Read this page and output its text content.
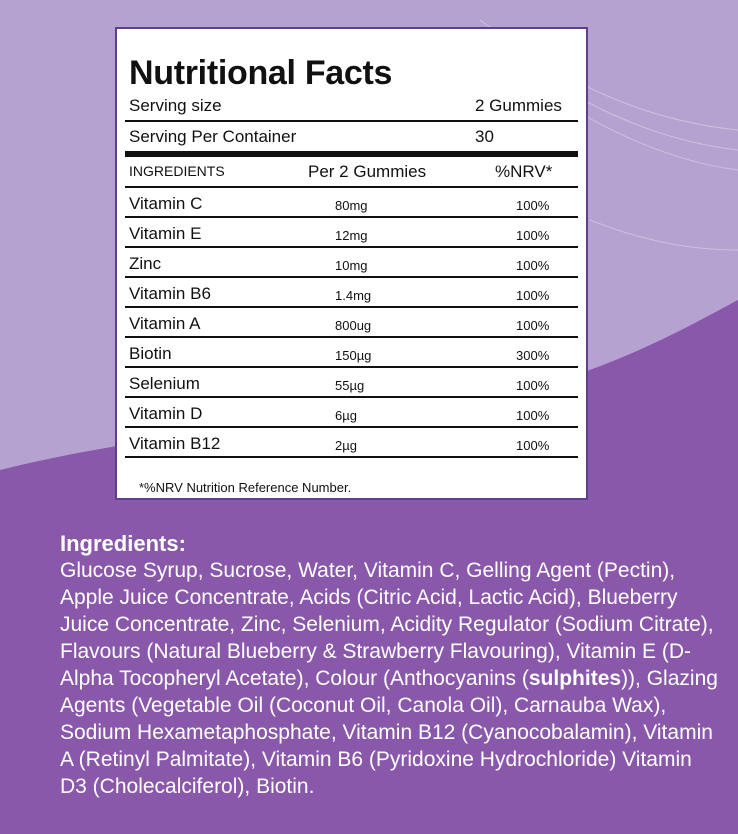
Nutritional Facts
Serving size	2 Gummies
Serving Per Container	30
INGREDIENTS	Per 2 Gummies	%NRV*
Vitamin C	80mg	100%
Vitamin E	12mg	100%
Zinc	10mg	100%
Vitamin B6	1.4mg	100%
Vitamin A	800ug	100%
Biotin	150µg	300%
Selenium	55µg	100%
Vitamin D	6µg	100%
Vitamin B12	2µg	100%
*%NRV Nutrition Reference Number.
Ingredients:
Glucose Syrup, Sucrose, Water, Vitamin C, Gelling Agent (Pectin), Apple Juice Concentrate, Acids (Citric Acid, Lactic Acid), Blueberry Juice Concentrate, Zinc, Selenium, Acidity Regulator (Sodium Citrate), Flavours (Natural Blueberry & Strawberry Flavouring), Vitamin E (D-Alpha Tocopheryl Acetate), Colour (Anthocyanins (sulphites)), Glazing Agents (Vegetable Oil (Coconut Oil, Canola Oil), Carnauba Wax), Sodium Hexametaphosphate, Vitamin B12 (Cyanocobalamin), Vitamin A (Retinyl Palmitate), Vitamin B6 (Pyridoxine Hydrochloride) Vitamin D3 (Cholecalciferol), Biotin.
